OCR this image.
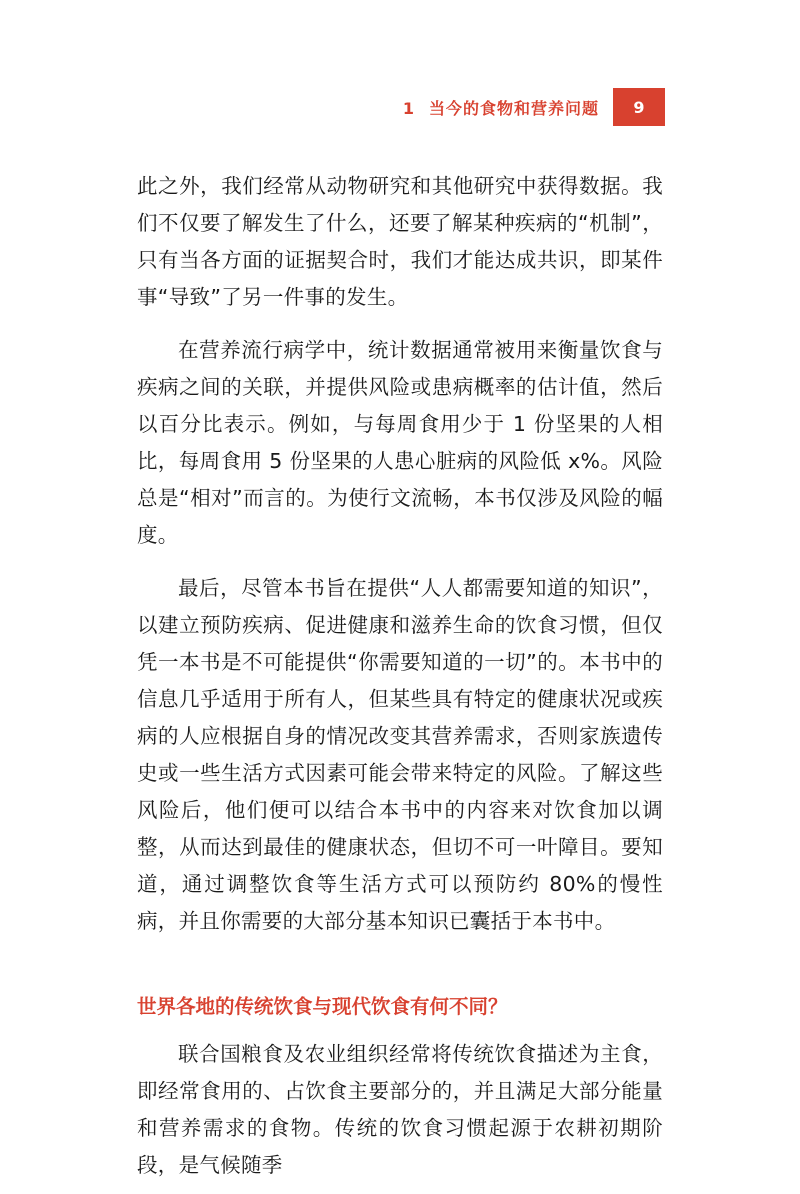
1 当今的食物和营养问题	9

此之外，我们经常从动物研究和其他研究中获得数据。我们不仅要了解发生了什么，还要了解某种疾病的“机制”，只有当各方面的证据契合时，我们才能达成共识，即某件事“导致”了另一件事的发生。

在营养流行病学中，统计数据通常被用来衡量饮食与疾病之间的关联，并提供风险或患病概率的估计值，然后以百分比表示。例如，与每周食用少于 1 份坚果的人相比，每周食用 5 份坚果的人患心脏病的风险低 x%。风险总是“相对”而言的。为使行文流畅，本书仅涉及风险的幅度。

最后，尽管本书旨在提供“人人都需要知道的知识”，以建立预防疾病、促进健康和滋养生命的饮食习惯，但仅凭一本书是不可能提供“你需要知道的一切”的。本书中的信息几乎适用于所有人，但某些具有特定的健康状况或疾病的人应根据自身的情况改变其营养需求，否则家族遗传史或一些生活方式因素可能会带来特定的风险。了解这些风险后，他们便可以结合本书中的内容来对饮食加以调整，从而达到最佳的健康状态，但切不可一叶障目。要知道，通过调整饮食等生活方式可以预防约 80%的慢性病，并且你需要的大部分基本知识已囊括于本书中。

世界各地的传统饮食与现代饮食有何不同？

联合国粮食及农业组织经常将传统饮食描述为主食，即经常食用的、占饮食主要部分的，并且满足大部分能量和营养需求的食物。传统的饮食习惯起源于农耕初期阶段，是气候随季
